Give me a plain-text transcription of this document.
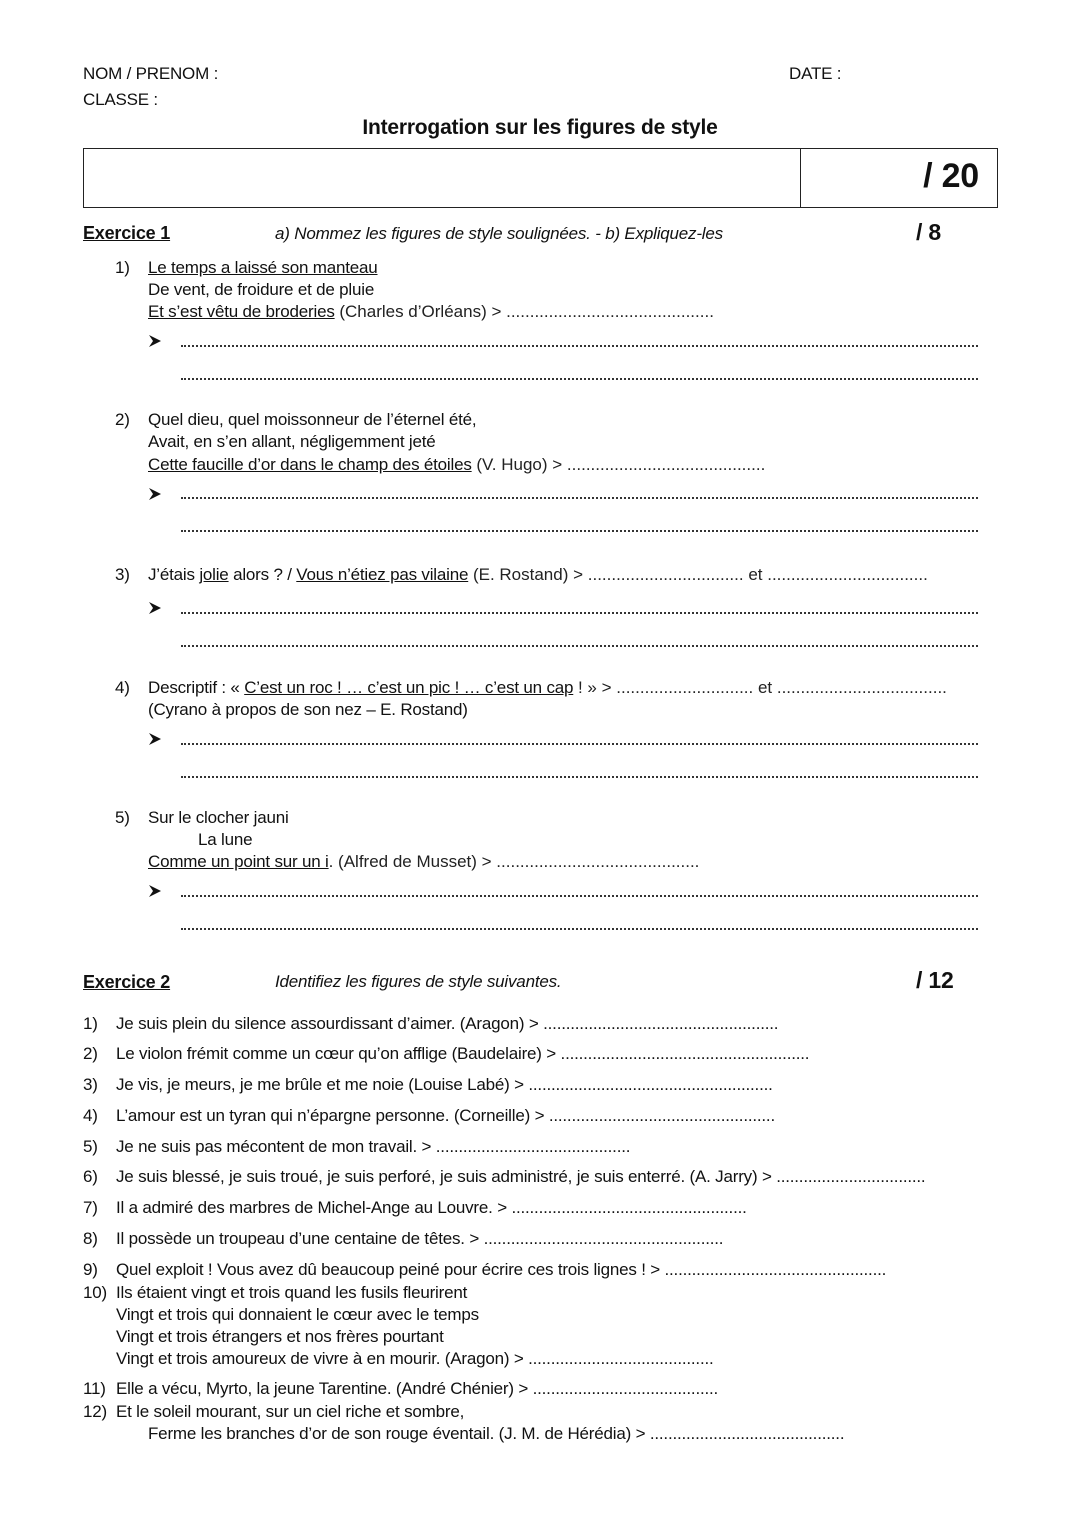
NOM / PRENOM :
CLASSE :
DATE :
Interrogation sur les figures de style
/ 20
Exercice 1	a) Nommez les figures de style soulignées. - b) Expliquez-les	/ 8
1) Le temps a laissé son manteau
De vent, de froidure et de pluie
Et s’est vêtu de broderies (Charles d’Orléans) > ............................................
2) Quel dieu, quel moissonneur de l’éternel été,
Avait, en s’en allant, négligemment jeté
Cette faucille d’or dans le champ des étoiles (V. Hugo) > ..........................................
3) J’étais jolie alors ? / Vous n’étiez pas vilaine (E. Rostand) > ................................. et ..................................
4) Descriptif : « C’est un roc ! … c’est un pic ! … c’est un cap ! » > ............................. et ....................................
(Cyrano à propos de son nez – E. Rostand)
5) Sur le clocher jauni
La lune
Comme un point sur un i. (Alfred de Musset) > ...........................................
Exercice 2	Identifiez les figures de style suivantes.	/ 12
1) Je suis plein du silence assourdissant d’aimer. (Aragon) > ....................................................
2) Le violon frémit comme un cœur qu’on afflige (Baudelaire) > .......................................................
3) Je vis, je meurs, je me brûle et me noie (Louise Labé) > ......................................................
4) L’amour est un tyran qui n’épargne personne. (Corneille) > ..................................................
5) Je ne suis pas mécontent de mon travail. > ...........................................
6) Je suis blessé, je suis troué, je suis perforé, je suis administré, je suis enterré. (A. Jarry) > .................................
7) Il a admiré des marbres de Michel-Ange au Louvre. > ....................................................
8) Il possède un troupeau d’une centaine de têtes. > .....................................................
9) Quel exploit ! Vous avez dû beaucoup peiné pour écrire ces trois lignes ! > .................................................
10) Ils étaient vingt et trois quand les fusils fleurirent
Vingt et trois qui donnaient le cœur avec le temps
Vingt et trois étrangers et nos frères pourtant
Vingt et trois amoureux de vivre à en mourir. (Aragon) > .........................................
11) Elle a vécu, Myrto, la jeune Tarentine. (André Chénier) > .........................................
12) Et le soleil mourant, sur un ciel riche et sombre,
Ferme les branches d’or de son rouge éventail. (J. M. de Hérédia) > ...........................................
